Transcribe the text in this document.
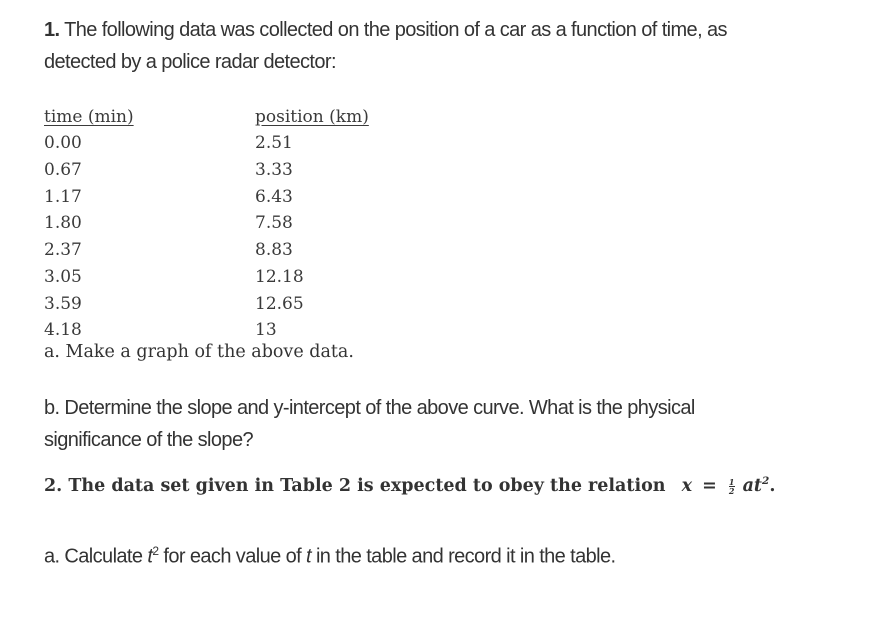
1. The following data was collected on the position of a car as a function of time, as
detected by a police radar detector:
time (min)	position (km)
0.00	2.51
0.67	3.33
1.17	6.43
1.80	7.58
2.37	8.83
3.05	12.18
3.59	12.65
4.18	13
a. Make a graph of the above data.
b. Determine the slope and y-intercept of the above curve. What is the physical
significance of the slope?
2. The data set given in Table 2 is expected to obey the relation $x = \frac{1}{2} at^2$.
a. Calculate $t^2$ for each value of t in the table and record it in the table.
